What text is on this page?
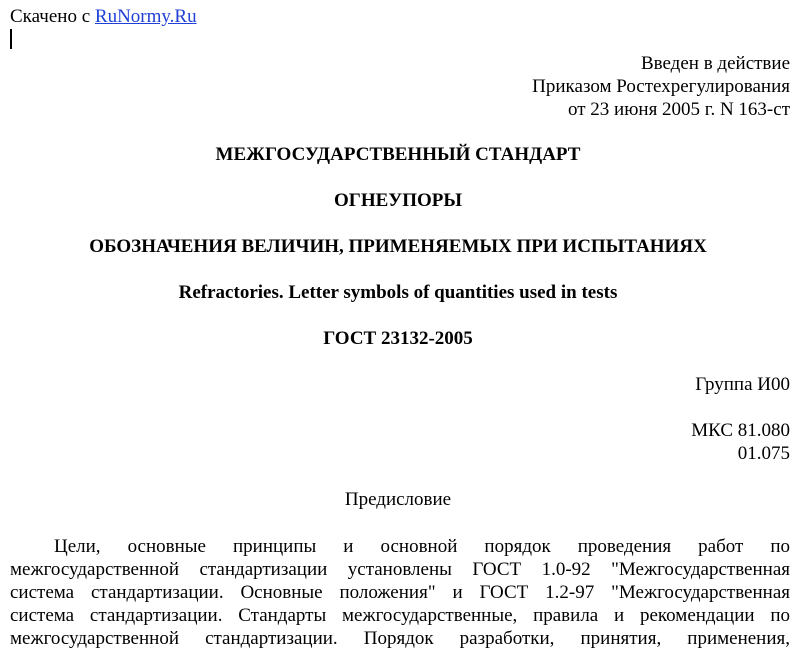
Скачено с RuNormy.Ru
Введен в действие
Приказом Ростехрегулирования
от 23 июня 2005 г. N 163-ст
МЕЖГОСУДАРСТВЕННЫЙ СТАНДАРТ
ОГНЕУПОРЫ
ОБОЗНАЧЕНИЯ ВЕЛИЧИН, ПРИМЕНЯЕМЫХ ПРИ ИСПЫТАНИЯХ
Refractories. Letter symbols of quantities used in tests
ГОСТ 23132-2005
Группа И00
МКС 81.080
01.075
Предисловие
Цели, основные принципы и основной порядок проведения работ по
межгосударственной стандартизации установлены ГОСТ 1.0-92 "Межгосударственная
система стандартизации. Основные положения" и ГОСТ 1.2-97 "Межгосударственная
система стандартизации. Стандарты межгосударственные, правила и рекомендации по
межгосударственной стандартизации. Порядок разработки, принятия, применения,
